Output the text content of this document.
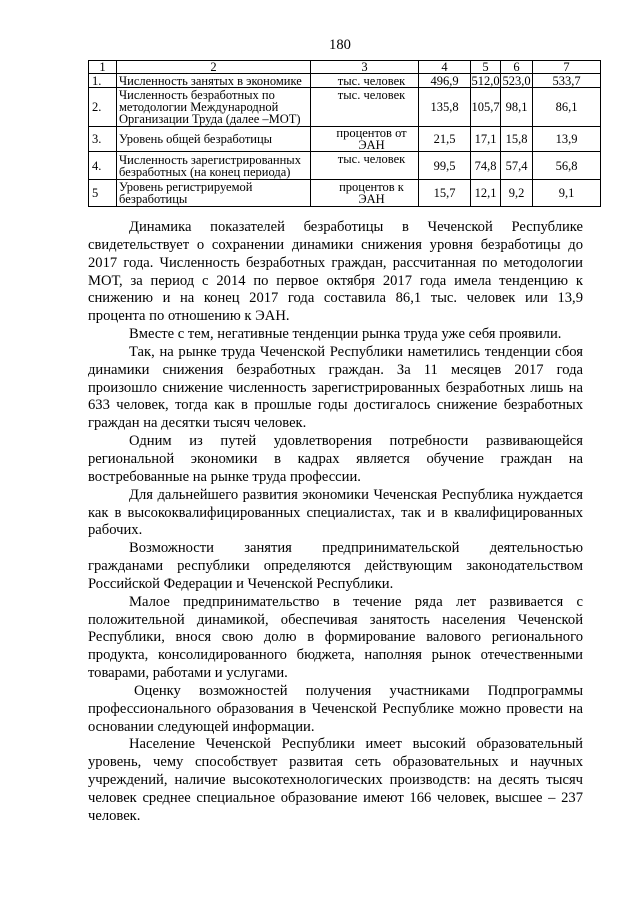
180
1	2	3	4	5	6	7
1.	Численность занятых в экономике	тыс. человек	496,9	512,0	523,0	533,7
2.	Численность безработных по
методологии Международной
Организации Труда (далее –МОТ)	тыс. человек	135,8	105,7	98,1	86,1
3.	Уровень общей безработицы	процентов от
ЭАН	21,5	17,1	15,8	13,9
4.	Численность зарегистрированных
безработных (на конец периода)	тыс. человек	99,5	74,8	57,4	56,8
5	Уровень регистрируемой
безработицы	процентов к
ЭАН	15,7	12,1	9,2	9,1
Динамика показателей безработицы в Чеченской Республике
свидетельствует о сохранении динамики снижения уровня безработицы до
2017 года. Численность безработных граждан, рассчитанная по методологии
МОТ, за период с 2014 по первое октября 2017 года имела тенденцию к
снижению и на конец 2017 года составила 86,1 тыс. человек или 13,9
процента по отношению к ЭАН.
Вместе с тем, негативные тенденции рынка труда уже себя проявили.
Так, на рынке труда Чеченской Республики наметились тенденции сбоя
динамики снижения безработных граждан. За 11 месяцев 2017 года
произошло снижение численность зарегистрированных безработных лишь на
633 человек, тогда как в прошлые годы достигалось снижение безработных
граждан на десятки тысяч человек.
Одним из путей удовлетворения потребности развивающейся
региональной экономики в кадрах является обучение граждан на
востребованные на рынке труда профессии.
Для дальнейшего развития экономики Чеченская Республика нуждается
как в высококвалифицированных специалистах, так и в квалифицированных
рабочих.
Возможности занятия предпринимательской деятельностью
гражданами республики определяются действующим законодательством
Российской Федерации и Чеченской Республики.
Малое предпринимательство в течение ряда лет развивается с
положительной динамикой, обеспечивая занятость населения Чеченской
Республики, внося свою долю в формирование валового регионального
продукта, консолидированного бюджета, наполняя рынок отечественными
товарами, работами и услугами.
Оценку возможностей получения участниками Подпрограммы
профессионального образования в Чеченской Республике можно провести на
основании следующей информации.
Население Чеченской Республики имеет высокий образовательный
уровень, чему способствует развитая сеть образовательных и научных
учреждений, наличие высокотехнологических производств: на десять тысяч
человек среднее специальное образование имеют 166 человек, высшее – 237
человек.
